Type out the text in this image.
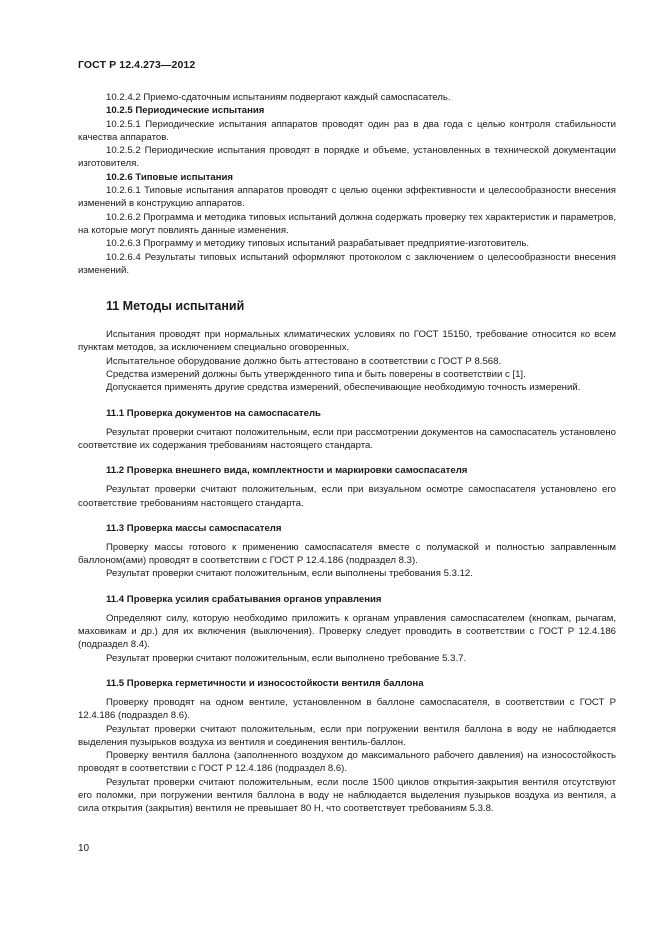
ГОСТ Р 12.4.273—2012

10.2.4.2 Приемо-сдаточным испытаниям подвергают каждый самоспасатель.

10.2.5 Периодические испытания

10.2.5.1 Периодические испытания аппаратов проводят один раз в два года с целью контроля стабильности качества аппаратов.

10.2.5.2 Периодические испытания проводят в порядке и объеме, установленных в технической документации изготовителя.

10.2.6 Типовые испытания

10.2.6.1 Типовые испытания аппаратов проводят с целью оценки эффективности и целесообразности внесения изменений в конструкцию аппаратов.

10.2.6.2 Программа и методика типовых испытаний должна содержать проверку тех характеристик и параметров, на которые могут повлиять данные изменения.

10.2.6.3 Программу и методику типовых испытаний разрабатывает предприятие-изготовитель.

10.2.6.4 Результаты типовых испытаний оформляют протоколом с заключением о целесообразности внесения изменений.

11 Методы испытаний

Испытания проводят при нормальных климатических условиях по ГОСТ 15150, требование относится ко всем пунктам методов, за исключением специально оговоренных.

Испытательное оборудование должно быть аттестовано в соответствии с ГОСТ Р 8.568.

Средства измерений должны быть утвержденного типа и быть поверены в соответствии с [1].

Допускается применять другие средства измерений, обеспечивающие необходимую точность измерений.

11.1 Проверка документов на самоспасатель

Результат проверки считают положительным, если при рассмотрении документов на самоспасатель установлено соответствие их содержания требованиям настоящего стандарта.

11.2 Проверка внешнего вида, комплектности и маркировки самоспасателя

Результат проверки считают положительным, если при визуальном осмотре самоспасателя установлено его соответствие требованиям настоящего стандарта.

11.3 Проверка массы самоспасателя

Проверку массы готового к применению самоспасателя вместе с полумаской и полностью заправленным баллоном(ами) проводят в соответствии с ГОСТ Р 12.4.186 (подраздел 8.3).

Результат проверки считают положительным, если выполнены требования 5.3.12.

11.4 Проверка усилия срабатывания органов управления

Определяют силу, которую необходимо приложить к органам управления самоспасателем (кнопкам, рычагам, маховикам и др.) для их включения (выключения). Проверку следует проводить в соответствии с ГОСТ Р 12.4.186 (подраздел 8.4).

Результат проверки считают положительным, если выполнено требование 5.3.7.

11.5 Проверка герметичности и износостойкости вентиля баллона

Проверку проводят на одном вентиле, установленном в баллоне самоспасателя, в соответствии с ГОСТ Р 12.4.186 (подраздел 8.6).

Результат проверки считают положительным, если при погружении вентиля баллона в воду не наблюдается выделения пузырьков воздуха из вентиля и соединения вентиль-баллон.

Проверку вентиля баллона (заполненного воздухом до максимального рабочего давления) на износостойкость проводят в соответствии с ГОСТ Р 12.4.186 (подраздел 8.6).

Результат проверки считают положительным, если после 1500 циклов открытия-закрытия вентиля отсутствуют его поломки, при погружении вентиля баллона в воду не наблюдается выделения пузырьков воздуха из вентиля, а сила открытия (закрытия) вентиля не превышает 80 Н, что соответствует требованиям 5.3.8.

10
